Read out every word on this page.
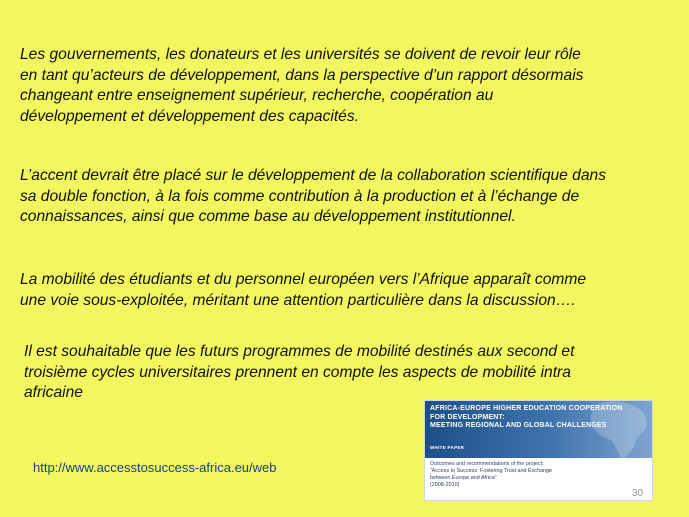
Les gouvernements, les donateurs et les universités se doivent de revoir leur rôle
en tant qu’acteurs de développement, dans la perspective d’un rapport désormais
changeant entre enseignement supérieur, recherche, coopération au
développement et développement des capacités.

L’accent devrait être placé sur le développement de la collaboration scientifique dans
sa double fonction, à la fois comme contribution à la production et à l’échange de
connaissances, ainsi que comme base au développement institutionnel.

La mobilité des étudiants et du personnel européen vers l’Afrique apparaît comme
une voie sous-exploitée, méritant une attention particulière dans la discussion….

Il est souhaitable que les futurs programmes de mobilité destinés aux second et
troisième cycles universitaires prennent en compte les aspects de mobilité intra
africaine

http://www.accesstosuccess-africa.eu/web
AFRICA-EUROPE HIGHER EDUCATION COOPERATION
FOR DEVELOPMENT:
MEETING REGIONAL AND GLOBAL CHALLENGES
WHITE PAPER
Outcomes and recommendations of the project:
“Access to Success: Fostering Trust and Exchange
between Europe and Africa”
(2008-2010)
30
